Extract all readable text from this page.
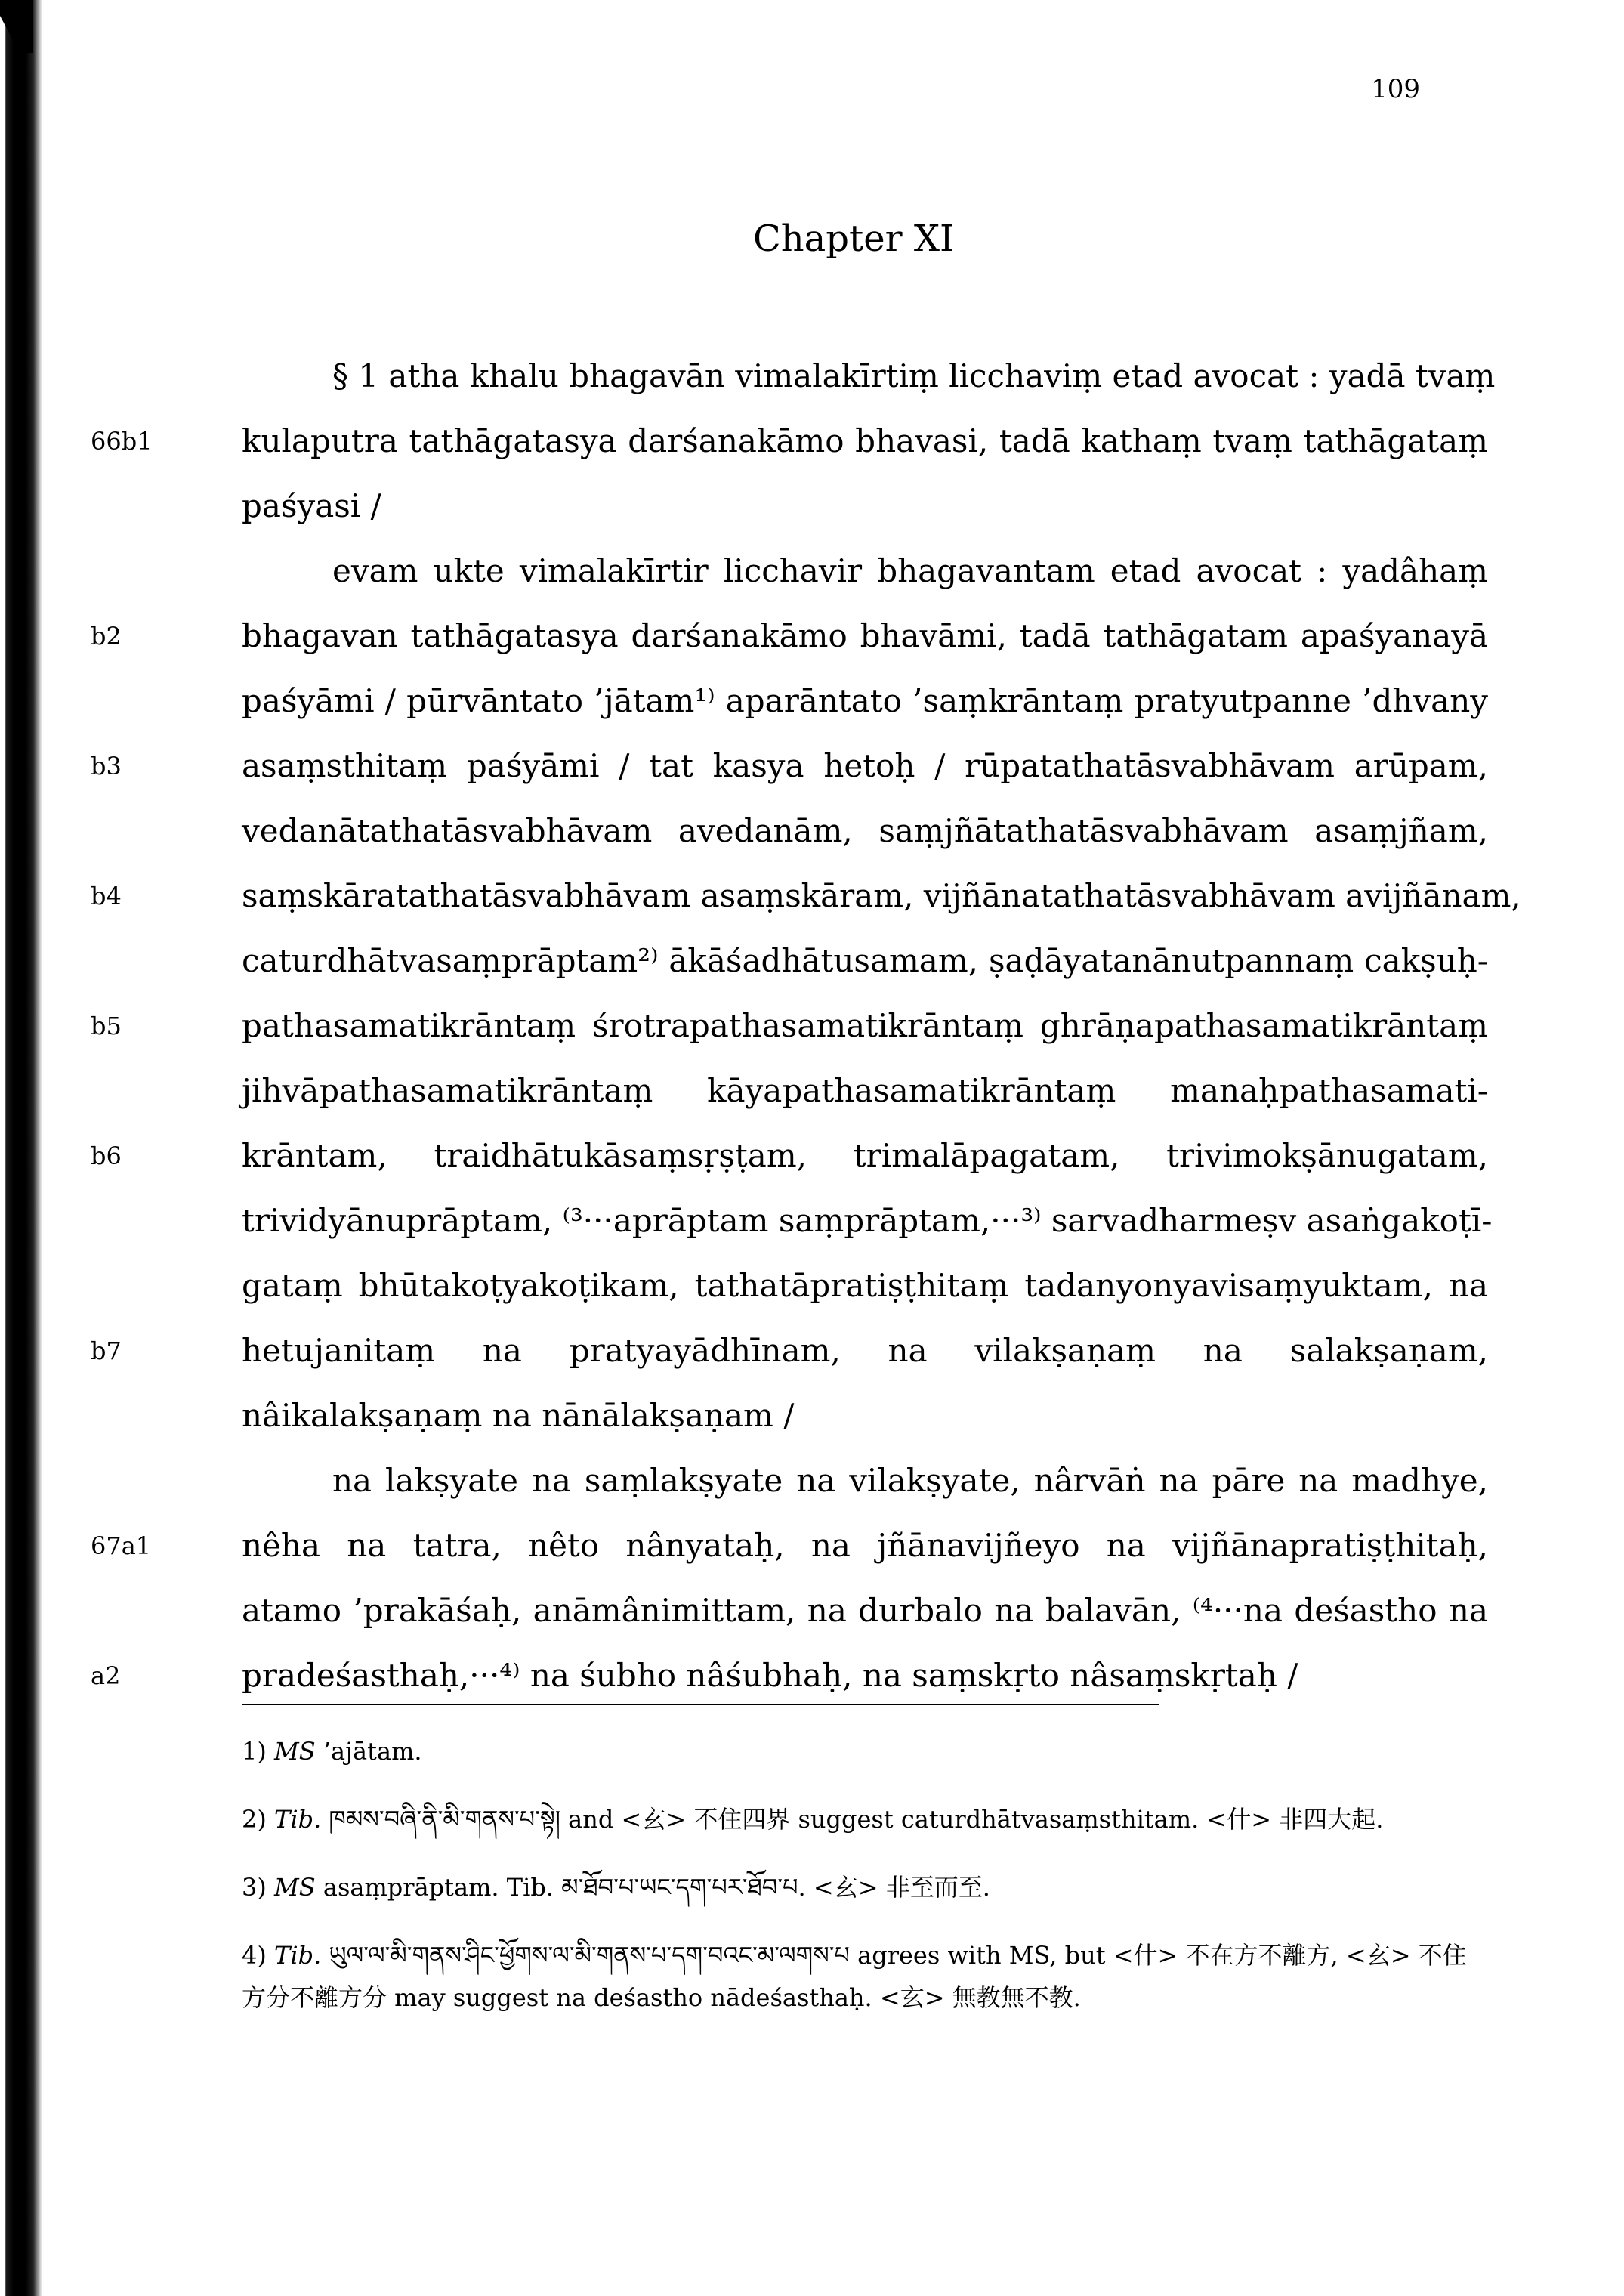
109
Chapter XI
§ 1 atha khalu bhagavān vimalakīrtiṃ licchaviṃ etad avocat : yadā tvaṃ
66b1	kulaputra tathāgatasya darśanakāmo bhavasi, tadā kathaṃ tvaṃ tathāgataṃ
paśyasi /
evam ukte vimalakīrtir licchavir bhagavantam etad avocat : yadâhaṃ
b2	bhagavan tathāgatasya darśanakāmo bhavāmi, tadā tathāgatam apaśyanayā
paśyāmi / pūrvāntato ’jātam¹⁾ aparāntato ’saṃkrāntaṃ pratyutpanne ’dhvany
b3	asaṃsthitaṃ paśyāmi / tat kasya hetoḥ / rūpatathatāsvabhāvam arūpam,
vedanātathatāsvabhāvam avedanām, saṃjñātathatāsvabhāvam asaṃjñam,
b4	saṃskāratathatāsvabhāvam asaṃskāram, vijñānatathatāsvabhāvam avijñānam,
caturdhātvasaṃprāptam²⁾ ākāśadhātusamam, ṣaḍāyatanānutpannaṃ cakṣuḥ-
b5	pathasamatikrāntaṃ śrotrapathasamatikrāntaṃ ghrāṇapathasamatikrāntaṃ
jihvāpathasamatikrāntaṃ kāyapathasamatikrāntaṃ manaḥpathasamati-
b6	krāntam, traidhātukāsaṃsṛṣṭam, trimalāpagatam, trivimokṣānugatam,
trividyānuprāptam, ⁽³···aprāptam saṃprāptam,···³⁾ sarvadharmeṣv asaṅgakoṭī-
gataṃ bhūtakoṭyakoṭikam, tathatāpratiṣṭhitaṃ tadanyonyavisaṃyuktam, na
b7	hetujanitaṃ na pratyayādhīnam, na vilakṣaṇaṃ na salakṣaṇam,
nâikalakṣaṇaṃ na nānālakṣaṇam /
na lakṣyate na saṃlakṣyate na vilakṣyate, nârvāṅ na pāre na madhye,
67a1	nêha na tatra, nêto nânyataḥ, na jñānavijñeyo na vijñānapratiṣṭhitaḥ,
atamo ’prakāśaḥ, anāmânimittam, na durbalo na balavān, ⁽⁴···na deśastho na
a2	pradeśasthaḥ,···⁴⁾ na śubho nâśubhaḥ, na saṃskṛto nâsaṃskṛtaḥ /
1) MS ’ajātam.
2) Tib. ཁམས་བཞི་ནི་མི་གནས་པ་སྟེ། and <玄> 不住四界 suggest caturdhātvasaṃsthitam. <什> 非四大起.
3) MS asaṃprāptam. Tib. མ་ཐོབ་པ་ཡང་དག་པར་ཐོབ་པ. <玄> 非至而至.
4) Tib. ཡུལ་ལ་མི་གནས་ཤིང་ཕྱོགས་ལ་མི་གནས་པ་དག་བའང་མ་ལགས་པ agrees with MS, but <什> 不在方不離方, <玄> 不住方分不離方分 may suggest na deśastho nādeśasthaḥ. <玄> 無教無不教.
